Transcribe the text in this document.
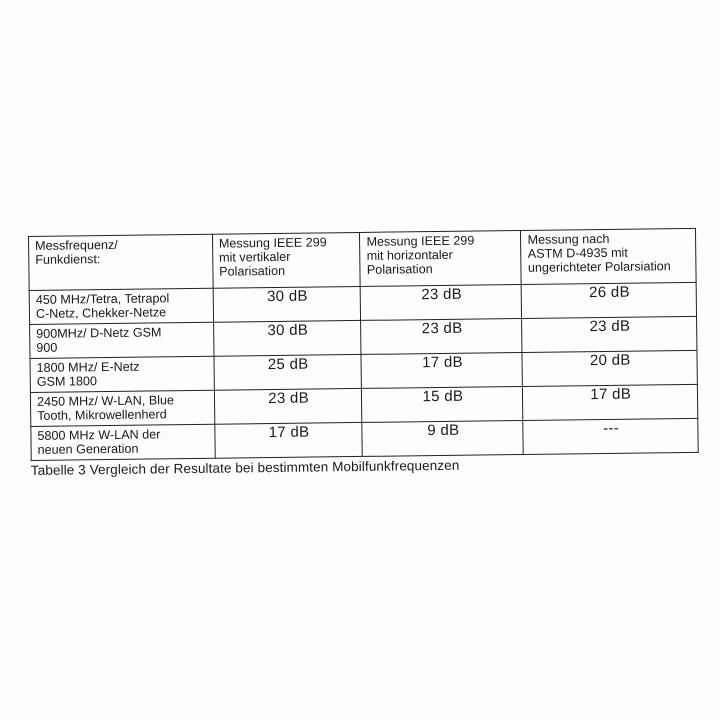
Messfrequenz/
Funkdienst:	Messung IEEE 299
mit vertikaler
Polarisation	Messung IEEE 299
mit horizontaler
Polarisation	Messung nach
ASTM D-4935 mit
ungerichteter Polarsiation

450 MHz/Tetra, Tetrapol
C-Netz, Chekker-Netze	30 dB	23 dB	26 dB

900MHz/ D-Netz GSM
900	30 dB	23 dB	23 dB

1800 MHz/ E-Netz
GSM 1800	25 dB	17 dB	20 dB

2450 MHz/ W-LAN, Blue
Tooth, Mikrowellenherd	23 dB	15 dB	17 dB

5800 MHz W-LAN der
neuen Generation	17 dB	9 dB	---
Tabelle 3 Vergleich der Resultate bei bestimmten Mobilfunkfrequenzen
